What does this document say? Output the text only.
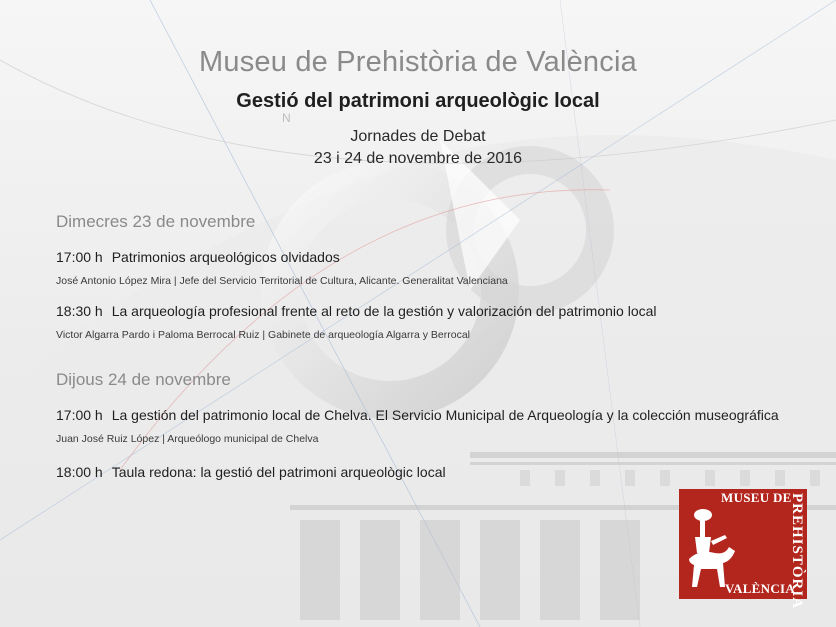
N
Museu de Prehistòria de València
Gestió del patrimoni arqueològic local
Jornades de Debat
23 i 24 de novembre de 2016
Dimecres 23 de novembre
17:00 h Patrimonios arqueológicos olvidados
José Antonio López Mira | Jefe del Servicio Territorial de Cultura, Alicante. Generalitat Valenciana
18:30 h La arqueología profesional frente al reto de la gestión y valorización del patrimonio local
Victor Algarra Pardo i Paloma Berrocal Ruiz | Gabinete de arqueología Algarra y Berrocal
Dijous 24 de novembre
17:00 h La gestión del patrimonio local de Chelva. El Servicio Municipal de Arqueología y la colección museográfica
Juan José Ruiz López | Arqueólogo municipal de Chelva
18:00 h Taula redona: la gestió del patrimoni arqueològic local
MUSEU DE
PREHISTÒRIA
VALÈNCIA
